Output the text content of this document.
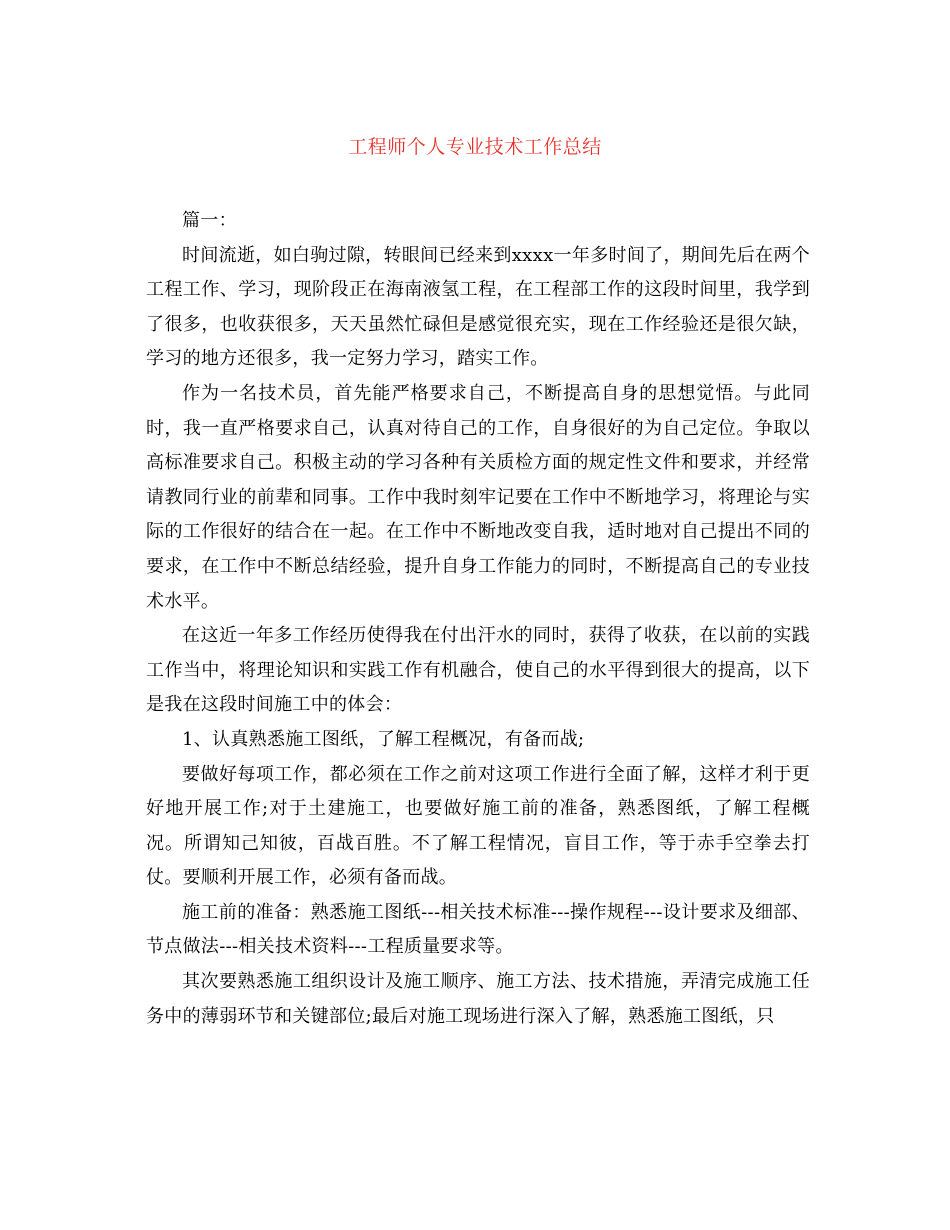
工程师个人专业技术工作总结

篇一：

时间流逝，如白驹过隙，转眼间已经来到xxxx一年多时间了，期间先后在两个工程工作、学习，现阶段正在海南液氢工程，在工程部工作的这段时间里，我学到了很多，也收获很多，天天虽然忙碌但是感觉很充实，现在工作经验还是很欠缺，学习的地方还很多，我一定努力学习，踏实工作。

作为一名技术员，首先能严格要求自己，不断提高自身的思想觉悟。与此同时，我一直严格要求自己，认真对待自己的工作，自身很好的为自己定位。争取以高标准要求自己。积极主动的学习各种有关质检方面的规定性文件和要求，并经常请教同行业的前辈和同事。工作中我时刻牢记要在工作中不断地学习，将理论与实际的工作很好的结合在一起。在工作中不断地改变自我，适时地对自己提出不同的要求，在工作中不断总结经验，提升自身工作能力的同时，不断提高自己的专业技术水平。

在这近一年多工作经历使得我在付出汗水的同时，获得了收获，在以前的实践工作当中，将理论知识和实践工作有机融合，使自己的水平得到很大的提高，以下是我在这段时间施工中的体会：

1、认真熟悉施工图纸，了解工程概况，有备而战;

要做好每项工作，都必须在工作之前对这项工作进行全面了解，这样才利于更好地开展工作;对于土建施工，也要做好施工前的准备，熟悉图纸，了解工程概况。所谓知己知彼，百战百胜。不了解工程情况，盲目工作，等于赤手空拳去打仗。要顺利开展工作，必须有备而战。

施工前的准备：熟悉施工图纸---相关技术标准---操作规程---设计要求及细部、节点做法---相关技术资料---工程质量要求等。

其次要熟悉施工组织设计及施工顺序、施工方法、技术措施，弄清完成施工任务中的薄弱环节和关键部位;最后对施工现场进行深入了解，熟悉施工图纸，只
